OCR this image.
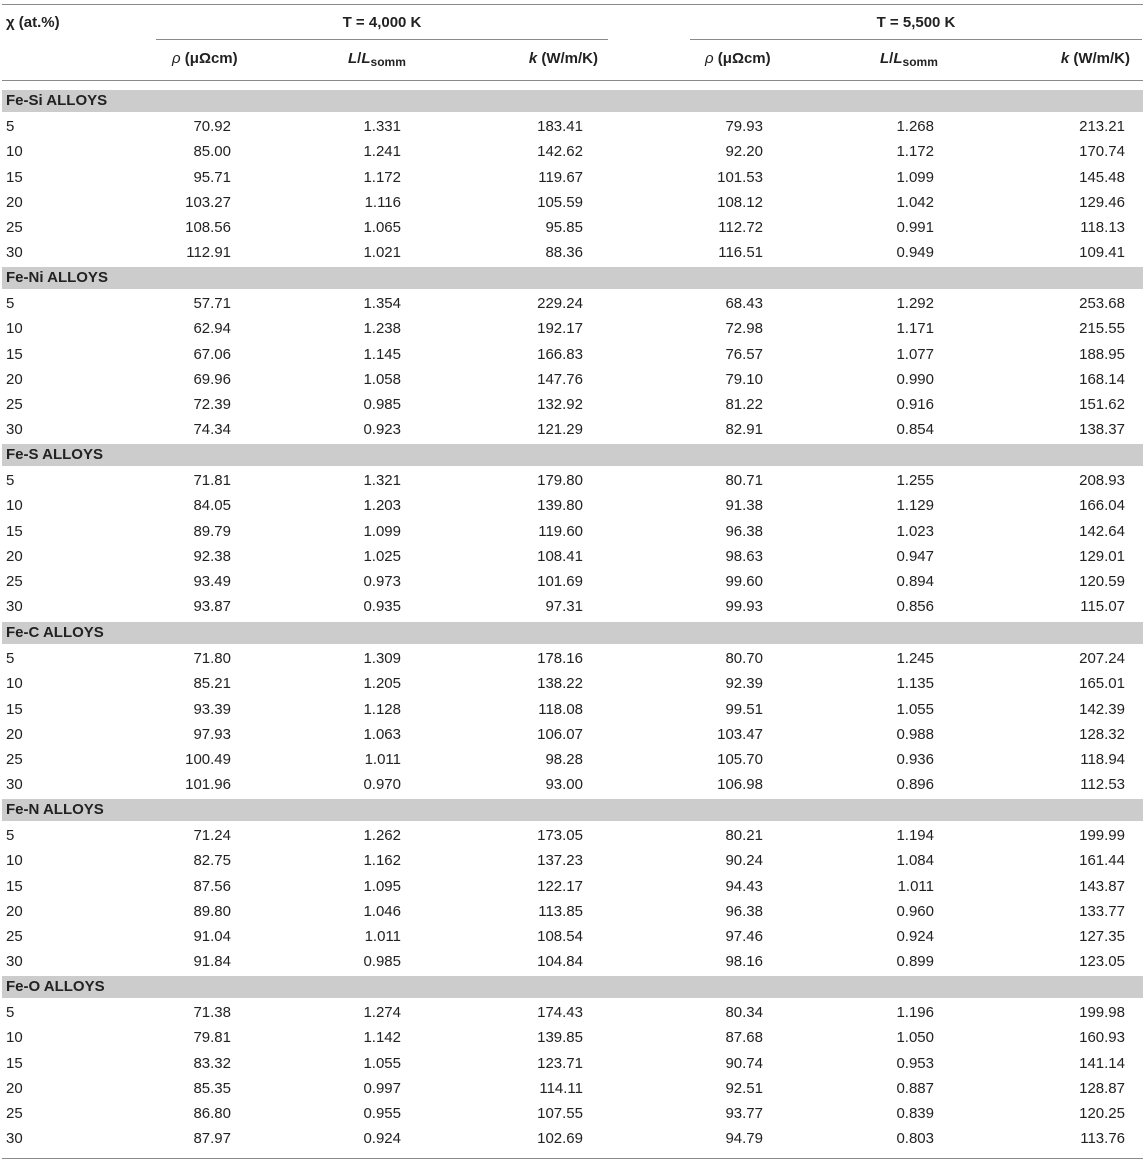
χ (at.%)	T = 4,000 K	T = 5,500 K
ρ (μΩcm)	$L/L_{somm}$	k (W/m/K)	ρ (μΩcm)	$L/L_{somm}$	k (W/m/K)
Fe-Si ALLOYS
5	70.92	1.331	183.41	79.93	1.268	213.21
10	85.00	1.241	142.62	92.20	1.172	170.74
15	95.71	1.172	119.67	101.53	1.099	145.48
20	103.27	1.116	105.59	108.12	1.042	129.46
25	108.56	1.065	95.85	112.72	0.991	118.13
30	112.91	1.021	88.36	116.51	0.949	109.41
Fe-Ni ALLOYS
5	57.71	1.354	229.24	68.43	1.292	253.68
10	62.94	1.238	192.17	72.98	1.171	215.55
15	67.06	1.145	166.83	76.57	1.077	188.95
20	69.96	1.058	147.76	79.10	0.990	168.14
25	72.39	0.985	132.92	81.22	0.916	151.62
30	74.34	0.923	121.29	82.91	0.854	138.37
Fe-S ALLOYS
5	71.81	1.321	179.80	80.71	1.255	208.93
10	84.05	1.203	139.80	91.38	1.129	166.04
15	89.79	1.099	119.60	96.38	1.023	142.64
20	92.38	1.025	108.41	98.63	0.947	129.01
25	93.49	0.973	101.69	99.60	0.894	120.59
30	93.87	0.935	97.31	99.93	0.856	115.07
Fe-C ALLOYS
5	71.80	1.309	178.16	80.70	1.245	207.24
10	85.21	1.205	138.22	92.39	1.135	165.01
15	93.39	1.128	118.08	99.51	1.055	142.39
20	97.93	1.063	106.07	103.47	0.988	128.32
25	100.49	1.011	98.28	105.70	0.936	118.94
30	101.96	0.970	93.00	106.98	0.896	112.53
Fe-N ALLOYS
5	71.24	1.262	173.05	80.21	1.194	199.99
10	82.75	1.162	137.23	90.24	1.084	161.44
15	87.56	1.095	122.17	94.43	1.011	143.87
20	89.80	1.046	113.85	96.38	0.960	133.77
25	91.04	1.011	108.54	97.46	0.924	127.35
30	91.84	0.985	104.84	98.16	0.899	123.05
Fe-O ALLOYS
5	71.38	1.274	174.43	80.34	1.196	199.98
10	79.81	1.142	139.85	87.68	1.050	160.93
15	83.32	1.055	123.71	90.74	0.953	141.14
20	85.35	0.997	114.11	92.51	0.887	128.87
25	86.80	0.955	107.55	93.77	0.839	120.25
30	87.97	0.924	102.69	94.79	0.803	113.76
